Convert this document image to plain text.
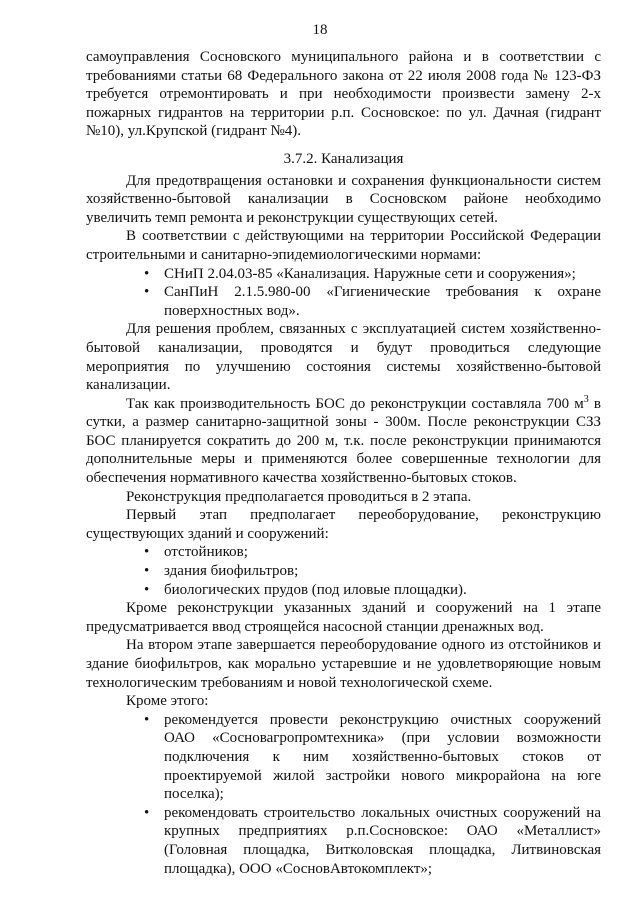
18

самоуправления Сосновского муниципального района и в соответствии с требованиями статьи 68 Федерального закона от 22 июля 2008 года № 123-ФЗ требуется отремонтировать и при необходимости произвести замену 2-х пожарных гидрантов на территории р.п. Сосновское: по ул. Дачная (гидрант №10), ул.Крупской (гидрант №4).

3.7.2. Канализация

Для предотвращения остановки и сохранения функциональности систем хозяйственно-бытовой канализации в Сосновском районе необходимо увеличить темп ремонта и реконструкции существующих сетей.

В соответствии с действующими на территории Российской Федерации строительными и санитарно-эпидемиологическими нормами:

• СНиП 2.04.03-85 «Канализация. Наружные сети и сооружения»;
• СанПиН 2.1.5.980-00 «Гигиенические требования к охране поверхностных вод».

Для решения проблем, связанных с эксплуатацией систем хозяйственно-бытовой канализации, проводятся и будут проводиться следующие мероприятия по улучшению состояния системы хозяйственно-бытовой канализации.

Так как производительность БОС до реконструкции составляла 700 $м^3$ в сутки, а размер санитарно-защитной зоны - 300м. После реконструкции СЗЗ БОС планируется сократить до 200 м, т.к. после реконструкции принимаются дополнительные меры и применяются более совершенные технологии для обеспечения нормативного качества хозяйственно-бытовых стоков.

Реконструкция предполагается проводиться в 2 этапа.

Первый этап предполагает переоборудование, реконструкцию существующих зданий и сооружений:

• отстойников;
• здания биофильтров;
• биологических прудов (под иловые площадки).

Кроме реконструкции указанных зданий и сооружений на 1 этапе предусматривается ввод строящейся насосной станции дренажных вод.

На втором этапе завершается переоборудование одного из отстойников и здание биофильтров, как морально устаревшие и не удовлетворяющие новым технологическим требованиям и новой технологической схеме.

Кроме этого:

• рекомендуется провести реконструкцию очистных сооружений ОАО «Сосновагропромтехника» (при условии возможности подключения к ним хозяйственно-бытовых стоков от проектируемой жилой застройки нового микрорайона на юге поселка);
• рекомендовать строительство локальных очистных сооружений на крупных предприятиях р.п.Сосновское: ОАО «Металлист» (Головная площадка, Витколовская площадка, Литвиновская площадка), ООО «СосновАвтокомплект»;
